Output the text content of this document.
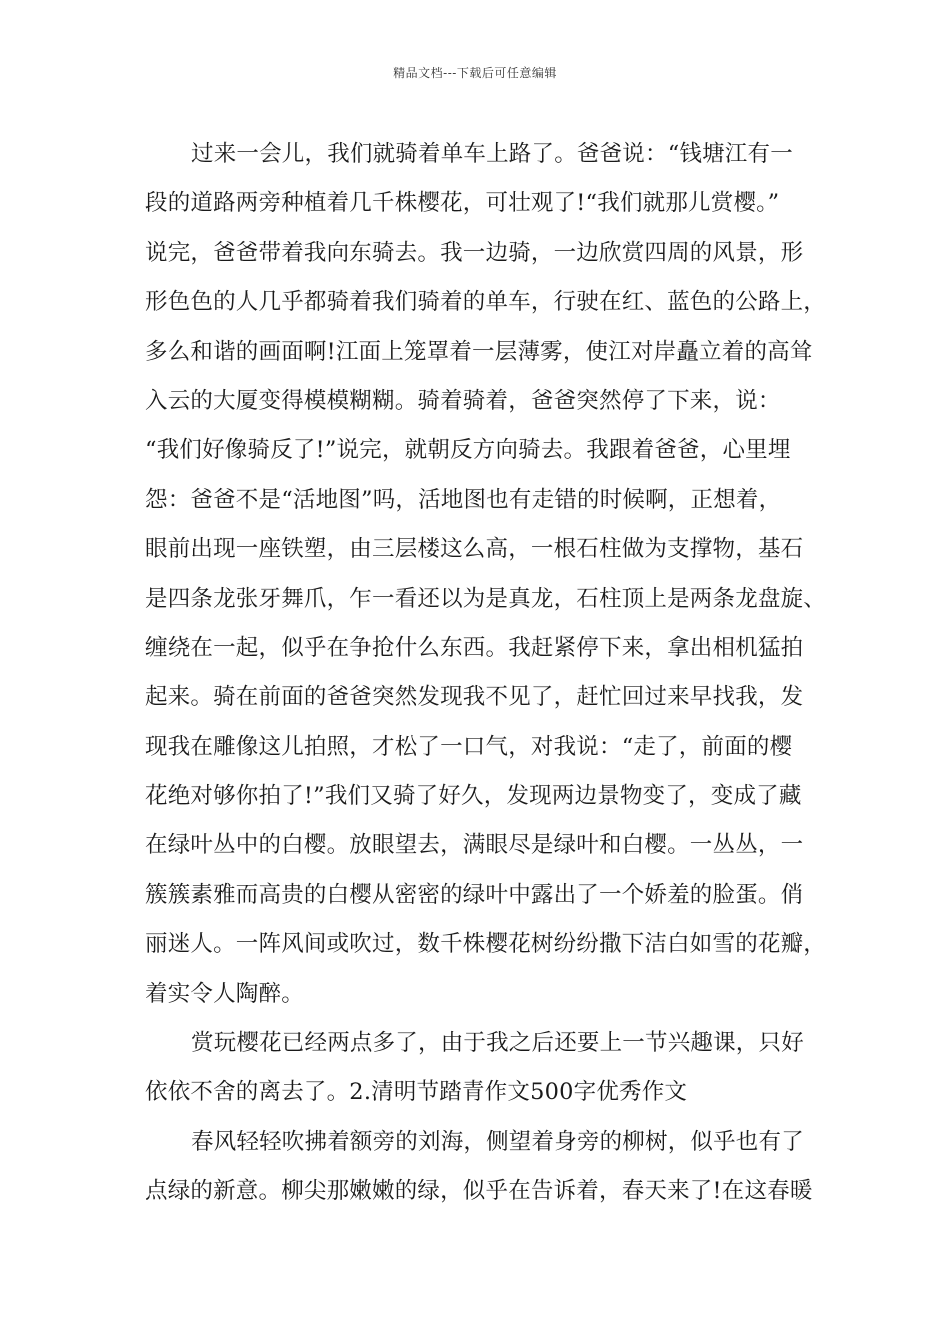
精品文档---下载后可任意编辑
过来一会儿，我们就骑着单车上路了。爸爸说：“钱塘江有一
段的道路两旁种植着几千株樱花，可壮观了!“我们就那儿赏樱。”
说完，爸爸带着我向东骑去。我一边骑，一边欣赏四周的风景，形
形色色的人几乎都骑着我们骑着的单车，行驶在红、蓝色的公路上，
多么和谐的画面啊!江面上笼罩着一层薄雾，使江对岸矗立着的高耸
入云的大厦变得模模糊糊。骑着骑着，爸爸突然停了下来，说：
“我们好像骑反了!”说完，就朝反方向骑去。我跟着爸爸，心里埋
怨：爸爸不是“活地图”吗，活地图也有走错的时候啊，正想着，
眼前出现一座铁塑，由三层楼这么高，一根石柱做为支撑物，基石
是四条龙张牙舞爪，乍一看还以为是真龙，石柱顶上是两条龙盘旋、
缠绕在一起，似乎在争抢什么东西。我赶紧停下来，拿出相机猛拍
起来。骑在前面的爸爸突然发现我不见了，赶忙回过来早找我，发
现我在雕像这儿拍照，才松了一口气，对我说：“走了，前面的樱
花绝对够你拍了!”我们又骑了好久，发现两边景物变了，变成了藏
在绿叶丛中的白樱。放眼望去，满眼尽是绿叶和白樱。一丛丛，一
簇簇素雅而高贵的白樱从密密的绿叶中露出了一个娇羞的脸蛋。俏
丽迷人。一阵风间或吹过，数千株樱花树纷纷撒下洁白如雪的花瓣，
着实令人陶醉。
赏玩樱花已经两点多了，由于我之后还要上一节兴趣课，只好
依依不舍的离去了。2.清明节踏青作文500字优秀作文
春风轻轻吹拂着额旁的刘海，侧望着身旁的柳树，似乎也有了
点绿的新意。柳尖那嫩嫩的绿，似乎在告诉着，春天来了!在这春暖
